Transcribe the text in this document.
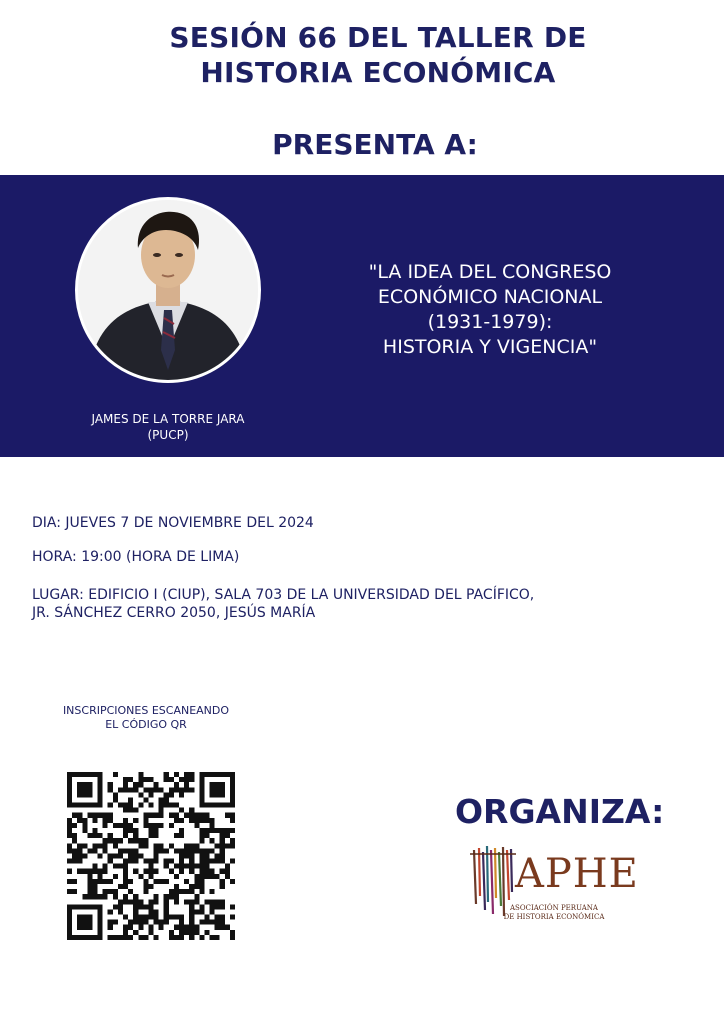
SESIÓN 66 DEL TALLER DE
HISTORIA ECONÓMICA
PRESENTA A:
JAMES DE LA TORRE JARA
(PUCP)
"LA IDEA DEL CONGRESO
ECONÓMICO NACIONAL
(1931-1979):
HISTORIA Y VIGENCIA"
DIA: JUEVES 7 DE NOVIEMBRE DEL 2024
HORA: 19:00 (HORA DE LIMA)
LUGAR: EDIFICIO I (CIUP), SALA 703 DE LA UNIVERSIDAD DEL PACÍFICO,
JR. SÁNCHEZ CERRO 2050, JESÚS MARÍA
INSCRIPCIONES ESCANEANDO
EL CÓDIGO QR
ORGANIZA:
APHE
ASOCIACIÓN PERUANA
DE HISTORIA ECONÓMICA
